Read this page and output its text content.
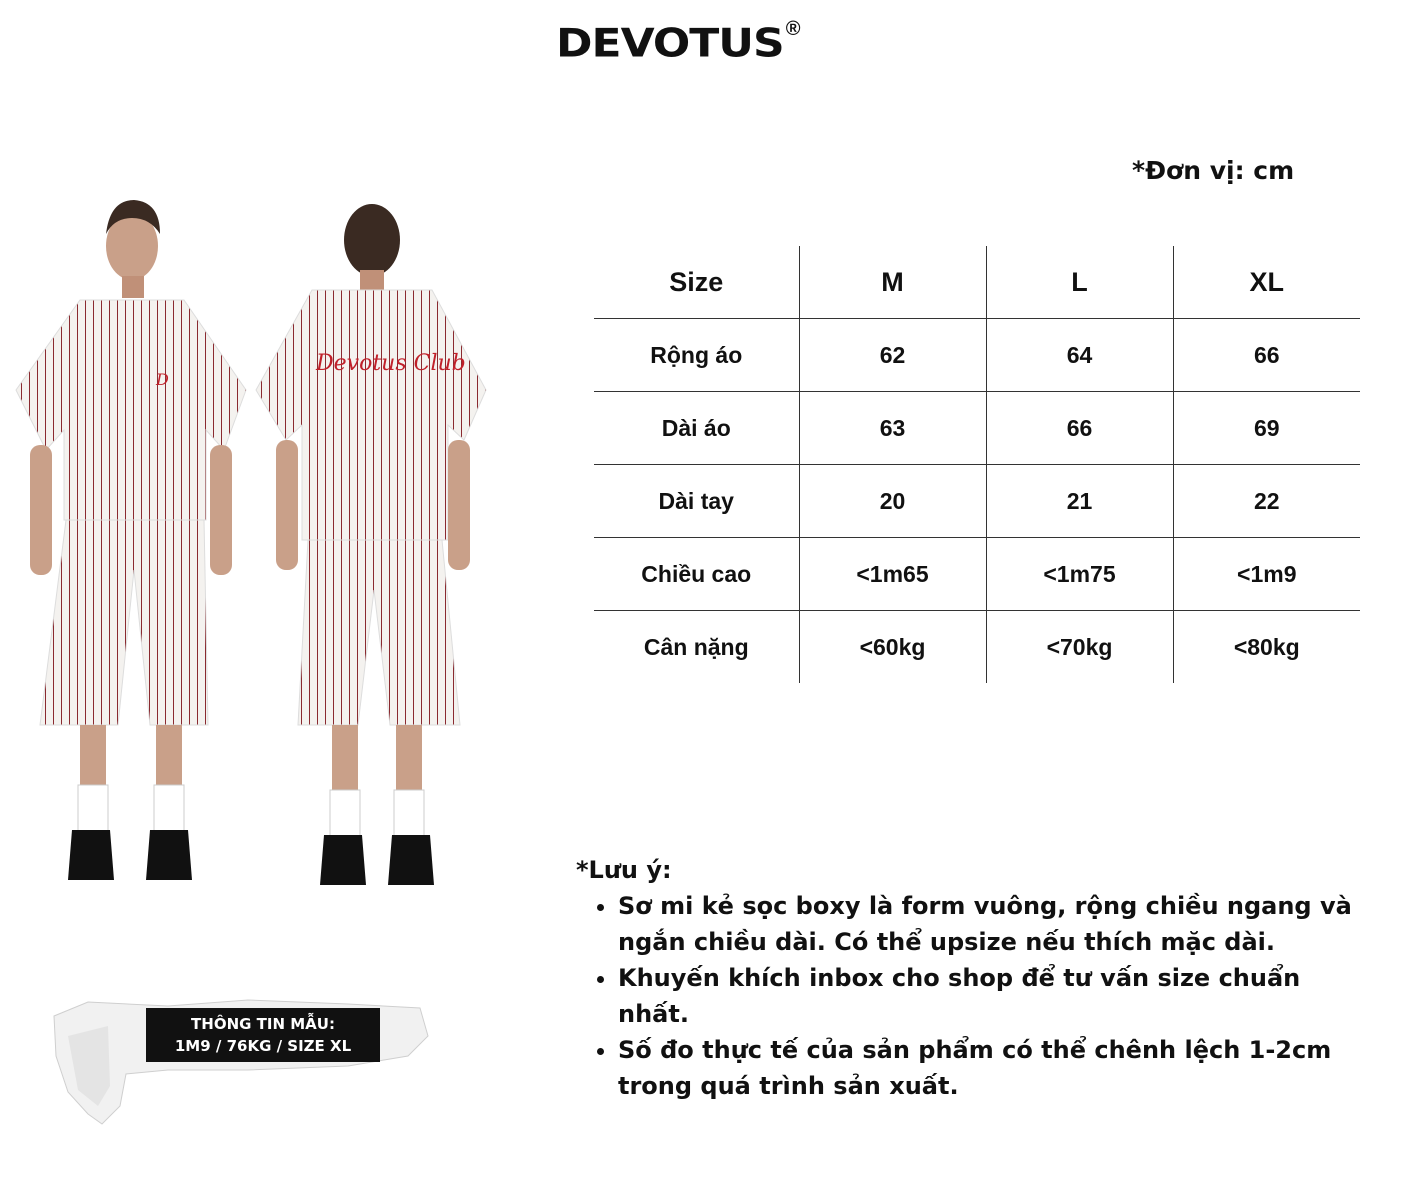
DEVOTUS ®
D
Devotus Club
THÔNG TIN MẪU:
1M9 / 76KG / SIZE XL
*Đơn vị: cm
Size	M	L	XL
Rộng áo	62	64	66
Dài áo	63	66	69
Dài tay	20	21	22
Chiều cao	<1m65	<1m75	<1m9
Cân nặng	<60kg	<70kg	<80kg
*Lưu ý:
• Sơ mi kẻ sọc boxy là form vuông, rộng chiều ngang và ngắn chiều dài. Có thể upsize nếu thích mặc dài.
• Khuyến khích inbox cho shop để tư vấn size chuẩn nhất.
• Số đo thực tế của sản phẩm có thể chênh lệch 1-2cm trong quá trình sản xuất.
